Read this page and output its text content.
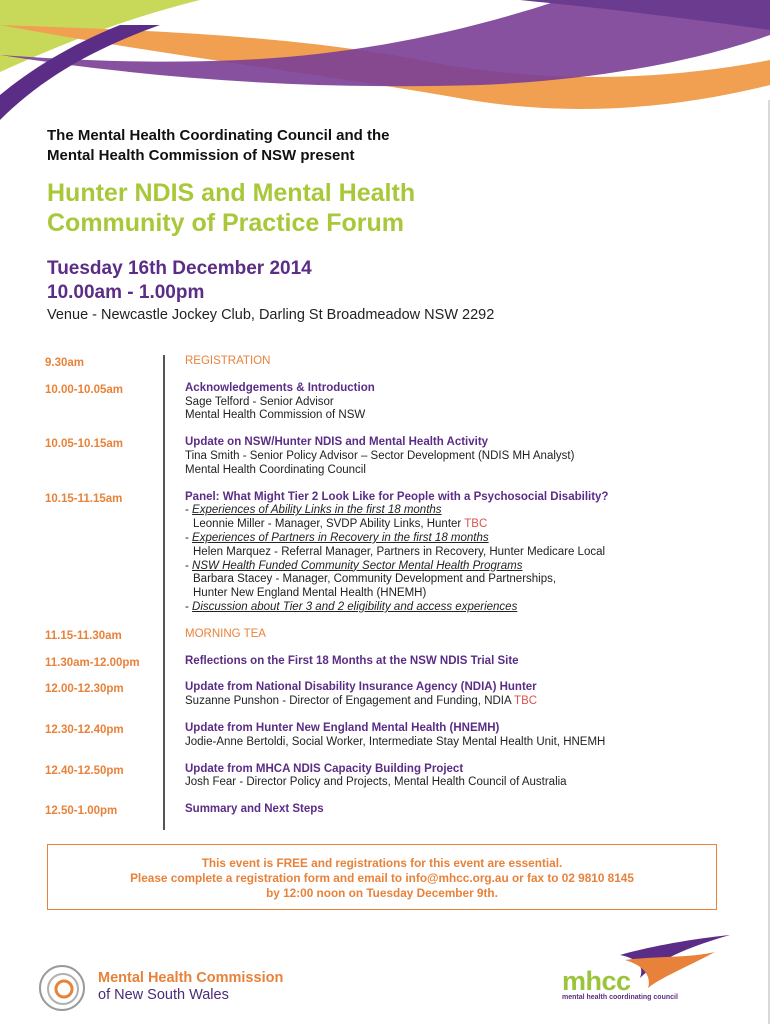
The Mental Health Coordinating Council and the
Mental Health Commission of NSW present
Hunter NDIS and Mental Health
Community of Practice Forum
Tuesday 16th December 2014
10.00am - 1.00pm
Venue - Newcastle Jockey Club, Darling St Broadmeadow NSW 2292
9.30am	REGISTRATION
10.00-10.05am	Acknowledgements & Introduction
Sage Telford - Senior Advisor
Mental Health Commission of NSW
10.05-10.15am	Update on NSW/Hunter NDIS and Mental Health Activity
Tina Smith - Senior Policy Advisor – Sector Development (NDIS MH Analyst)
Mental Health Coordinating Council
10.15-11.15am	Panel: What Might Tier 2 Look Like for People with a Psychosocial Disability?
- Experiences of Ability Links in the first 18 months
Leonnie Miller - Manager, SVDP Ability Links, Hunter TBC
- Experiences of Partners in Recovery in the first 18 months
Helen Marquez - Referral Manager, Partners in Recovery, Hunter Medicare Local
- NSW Health Funded Community Sector Mental Health Programs
Barbara Stacey - Manager, Community Development and Partnerships,
Hunter New England Mental Health (HNEMH)
- Discussion about Tier 3 and 2 eligibility and access experiences
11.15-11.30am	MORNING TEA
11.30am-12.00pm	Reflections on the First 18 Months at the NSW NDIS Trial Site
12.00-12.30pm	Update from National Disability Insurance Agency (NDIA) Hunter
Suzanne Punshon - Director of Engagement and Funding, NDIA TBC
12.30-12.40pm	Update from Hunter New England Mental Health (HNEMH)
Jodie-Anne Bertoldi, Social Worker, Intermediate Stay Mental Health Unit, HNEMH
12.40-12.50pm	Update from MHCA NDIS Capacity Building Project
Josh Fear - Director Policy and Projects, Mental Health Council of Australia
12.50-1.00pm	Summary and Next Steps
This event is FREE and registrations for this event are essential.
Please complete a registration form and email to info@mhcc.org.au or fax to 02 9810 8145
by 12:00 noon on Tuesday December 9th.
Mental Health Commission
of New South Wales	mhcc
mental health coordinating council
